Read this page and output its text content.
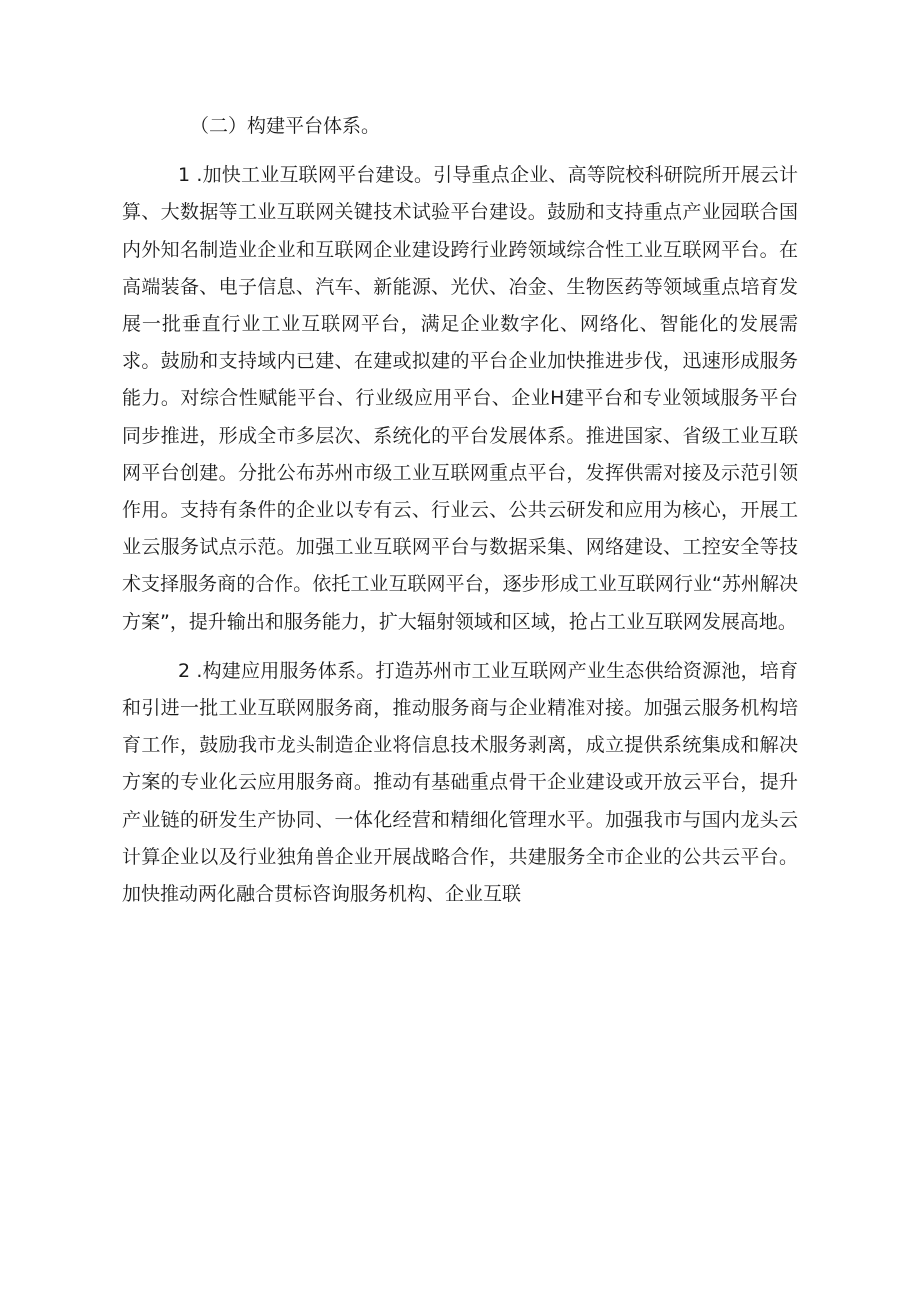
（二）构建平台体系。

1 .加快工业互联网平台建设。引导重点企业、高等院校科研院所开展云计算、大数据等工业互联网关键技术试验平台建设。鼓励和支持重点产业园联合国内外知名制造业企业和互联网企业建设跨行业跨领域综合性工业互联网平台。在高端装备、电子信息、汽车、新能源、光伏、冶金、生物医药等领域重点培育发展一批垂直行业工业互联网平台，满足企业数字化、网络化、智能化的发展需求。鼓励和支持域内已建、在建或拟建的平台企业加快推进步伐，迅速形成服务能力。对综合性赋能平台、行业级应用平台、企业H建平台和专业领域服务平台同步推进，形成全市多层次、系统化的平台发展体系。推进国家、省级工业互联网平台创建。分批公布苏州市级工业互联网重点平台，发挥供需对接及示范引领作用。支持有条件的企业以专有云、行业云、公共云研发和应用为核心，开展工业云服务试点示范。加强工业互联网平台与数据采集、网络建设、工控安全等技术支择服务商的合作。依托工业互联网平台，逐步形成工业互联网行业“苏州解决方案”，提升输出和服务能力，扩大辐射领域和区域，抢占工业互联网发展高地。

2 .构建应用服务体系。打造苏州市工业互联网产业生态供给资源池，培育和引进一批工业互联网服务商，推动服务商与企业精准对接。加强云服务机构培育工作，鼓励我市龙头制造企业将信息技术服务剥离，成立提供系统集成和解决方案的专业化云应用服务商。推动有基础重点骨干企业建设或开放云平台，提升产业链的研发生产协同、一体化经营和精细化管理水平。加强我市与国内龙头云计算企业以及行业独角兽企业开展战略合作，共建服务全市企业的公共云平台。加快推动两化融合贯标咨询服务机构、企业互联
